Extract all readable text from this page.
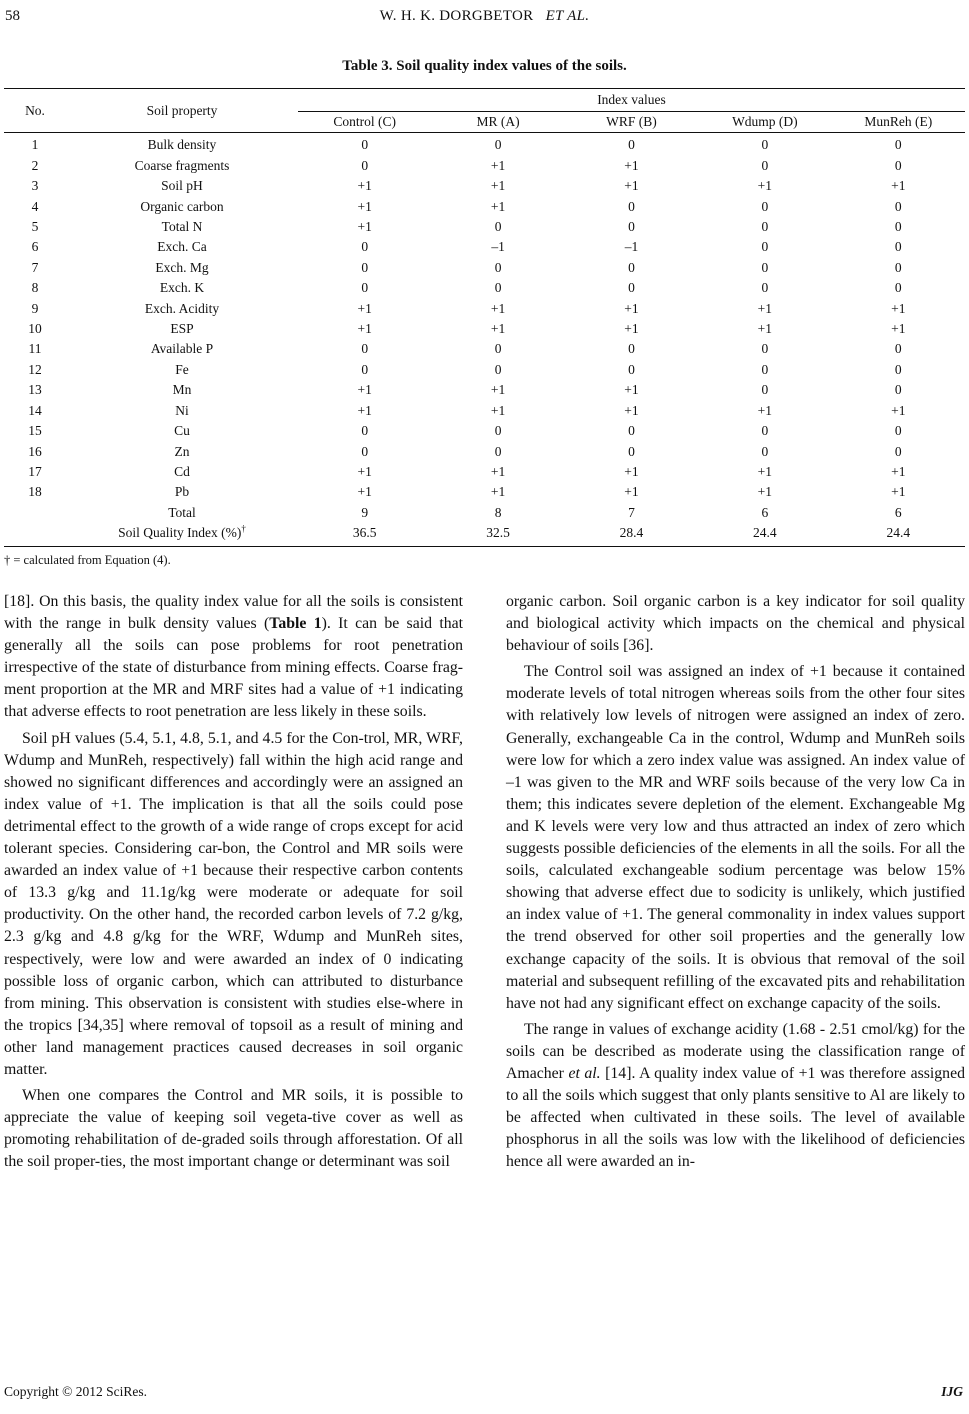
58	W. H. K. DORGBETOR ET AL.
Table 3. Soil quality index values of the soils.
No.	Soil property	Index values				
		Control (C)	MR (A)	WRF (B)	Wdump (D)	MunReh (E)
1	Bulk density	0	0	0	0	0
2	Coarse fragments	0	+1	+1	0	0
3	Soil pH	+1	+1	+1	+1	+1
4	Organic carbon	+1	+1	0	0	0
5	Total N	+1	0	0	0	0
6	Exch. Ca	0	–1	–1	0	0
7	Exch. Mg	0	0	0	0	0
8	Exch. K	0	0	0	0	0
9	Exch. Acidity	+1	+1	+1	+1	+1
10	ESP	+1	+1	+1	+1	+1
11	Available P	0	0	0	0	0
12	Fe	0	0	0	0	0
13	Mn	+1	+1	+1	0	0
14	Ni	+1	+1	+1	+1	+1
15	Cu	0	0	0	0	0
16	Zn	0	0	0	0	0
17	Cd	+1	+1	+1	+1	+1
18	Pb	+1	+1	+1	+1	+1
	Total	9	8	7	6	6
	Soil Quality Index (%)†	36.5	32.5	28.4	24.4	24.4
† = calculated from Equation (4).

[18]. On this basis, the quality index value for all the soils is consistent with the range in bulk density values (Table 1). It can be said that generally all the soils can pose problems for root penetration irrespective of the state of disturbance from mining effects. Coarse frag-ment proportion at the MR and MRF sites had a value of +1 indicating that adverse effects to root penetration are less likely in these soils.

Soil pH values (5.4, 5.1, 4.8, 5.1, and 4.5 for the Con-trol, MR, WRF, Wdump and MunReh, respectively) fall within the high acid range and showed no significant differences and accordingly were an assigned an index value of +1. The implication is that all the soils could pose detrimental effect to the growth of a wide range of crops except for acid tolerant species. Considering car-bon, the Control and MR soils were awarded an index value of +1 because their respective carbon contents of 13.3 g/kg and 11.1g/kg were moderate or adequate for soil productivity. On the other hand, the recorded carbon levels of 7.2 g/kg, 2.3 g/kg and 4.8 g/kg for the WRF, Wdump and MunReh sites, respectively, were low and were awarded an index of 0 indicating possible loss of organic carbon, which can attributed to disturbance from mining. This observation is consistent with studies else-where in the tropics [34,35] where removal of topsoil as a result of mining and other land management practices caused decreases in soil organic matter.

When one compares the Control and MR soils, it is possible to appreciate the value of keeping soil vegeta-tive cover as well as promoting rehabilitation of de-graded soils through afforestation. Of all the soil proper-ties, the most important change or determinant was soil

organic carbon. Soil organic carbon is a key indicator for soil quality and biological activity which impacts on the chemical and physical behaviour of soils [36].

The Control soil was assigned an index of +1 because it contained moderate levels of total nitrogen whereas soils from the other four sites with relatively low levels of nitrogen were assigned an index of zero. Generally, exchangeable Ca in the control, Wdump and MunReh soils were low for which a zero index value was assigned. An index value of –1 was given to the MR and WRF soils because of the very low Ca in them; this indicates severe depletion of the element. Exchangeable Mg and K levels were very low and thus attracted an index of zero which suggests possible deficiencies of the elements in all the soils. For all the soils, calculated exchangeable sodium percentage was below 15% showing that adverse effect due to sodicity is unlikely, which justified an index value of +1. The general commonality in index values support the trend observed for other soil properties and the generally low exchange capacity of the soils. It is obvious that removal of the soil material and subsequent refilling of the excavated pits and rehabilitation have not had any significant effect on exchange capacity of the soils.

The range in values of exchange acidity (1.68 - 2.51 cmol/kg) for the soils can be described as moderate using the classification range of Amacher et al. [14]. A quality index value of +1 was therefore assigned to all the soils which suggest that only plants sensitive to Al are likely to be affected when cultivated in these soils. The level of available phosphorus in all the soils was low with the likelihood of deficiencies hence all were awarded an in-

Copyright © 2012 SciRes.	IJG
